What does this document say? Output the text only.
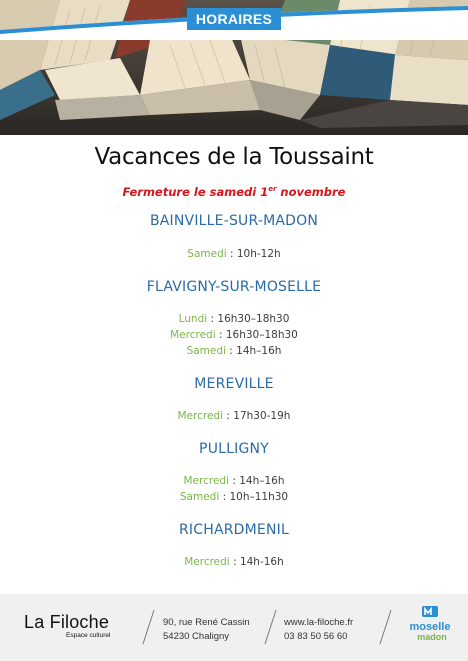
HORAIRES
Vacances de la Toussaint
Fermeture le samedi 1er novembre
BAINVILLE-SUR-MADON
Samedi : 10h-12h
FLAVIGNY-SUR-MOSELLE
Lundi : 16h30–18h30
Mercredi : 16h30–18h30
Samedi : 14h–16h
MEREVILLE
Mercredi : 17h30-19h
PULLIGNY
Mercredi : 14h–16h
Samedi : 10h–11h30
RICHARDMENIL
Mercredi : 14h-16h
La Filoche
Espace culturel
90, rue René Cassin
54230 Chaligny
www.la-filoche.fr
03 83 50 56 60
moselle
madon
